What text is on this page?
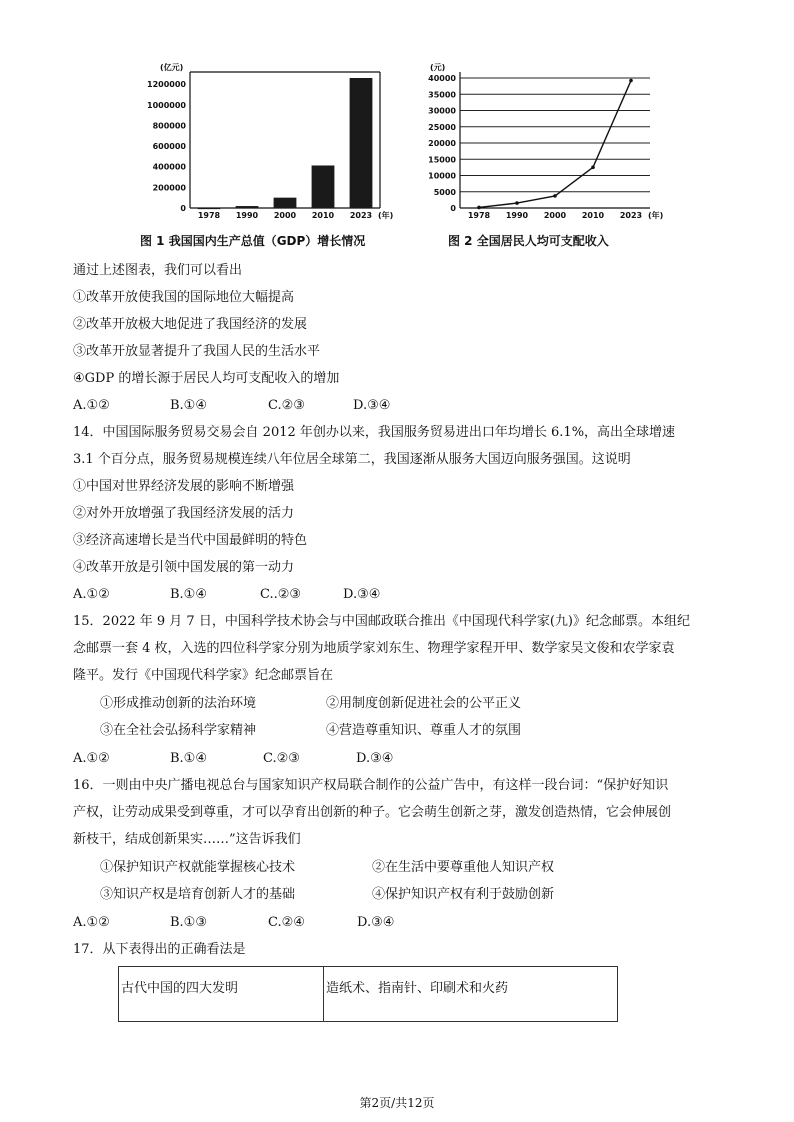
(亿元)
1200000
1000000
800000
600000
400000
200000
0
1978 1990 2000 2010 2023 (年)
(元)
40000
35000
30000
25000
20000
15000
10000
5000
0
1978 1990 2000 2010 2023 (年)
图 1 我国国内生产总值（GDP）增长情况	图 2 全国居民人均可支配收入
通过上述图表，我们可以看出
①改革开放使我国的国际地位大幅提高
②改革开放极大地促进了我国经济的发展
③改革开放显著提升了我国人民的生活水平
④GDP 的增长源于居民人均可支配收入的增加
A.①②	B.①④	C.②③	D.③④
14．中国国际服务贸易交易会自 2012 年创办以来，我国服务贸易进出口年均增长 6.1%，高出全球增速
3.1 个百分点，服务贸易规模连续八年位居全球第二，我国逐渐从服务大国迈向服务强国。这说明
①中国对世界经济发展的影响不断增强
②对外开放增强了我国经济发展的活力
③经济高速增长是当代中国最鲜明的特色
④改革开放是引领中国发展的第一动力
A.①②	B.①④	C..②③	D.③④
15．2022 年 9 月 7 日，中国科学技术协会与中国邮政联合推出《中国现代科学家(九)》纪念邮票。本组纪
念邮票一套 4 枚，入选的四位科学家分别为地质学家刘东生、物理学家程开甲、数学家吴文俊和农学家袁
隆平。发行《中国现代科学家》纪念邮票旨在
①形成推动创新的法治环境	②用制度创新促进社会的公平正义
③在全社会弘扬科学家精神	④营造尊重知识、尊重人才的氛围
A.①②	B.①④	C.②③	D.③④
16．一则由中央广播电视总台与国家知识产权局联合制作的公益广告中，有这样一段台词：“保护好知识
产权，让劳动成果受到尊重，才可以孕育出创新的种子。它会萌生创新之芽，激发创造热情，它会伸展创
新枝干，结成创新果实……”这告诉我们
①保护知识产权就能掌握核心技术	②在生活中要尊重他人知识产权
③知识产权是培育创新人才的基础	④保护知识产权有利于鼓励创新
A.①②	B.①③	C.②④	D.③④
17．从下表得出的正确看法是
古代中国的四大发明	造纸术、指南针、印刷术和火药
第2页/共12页
